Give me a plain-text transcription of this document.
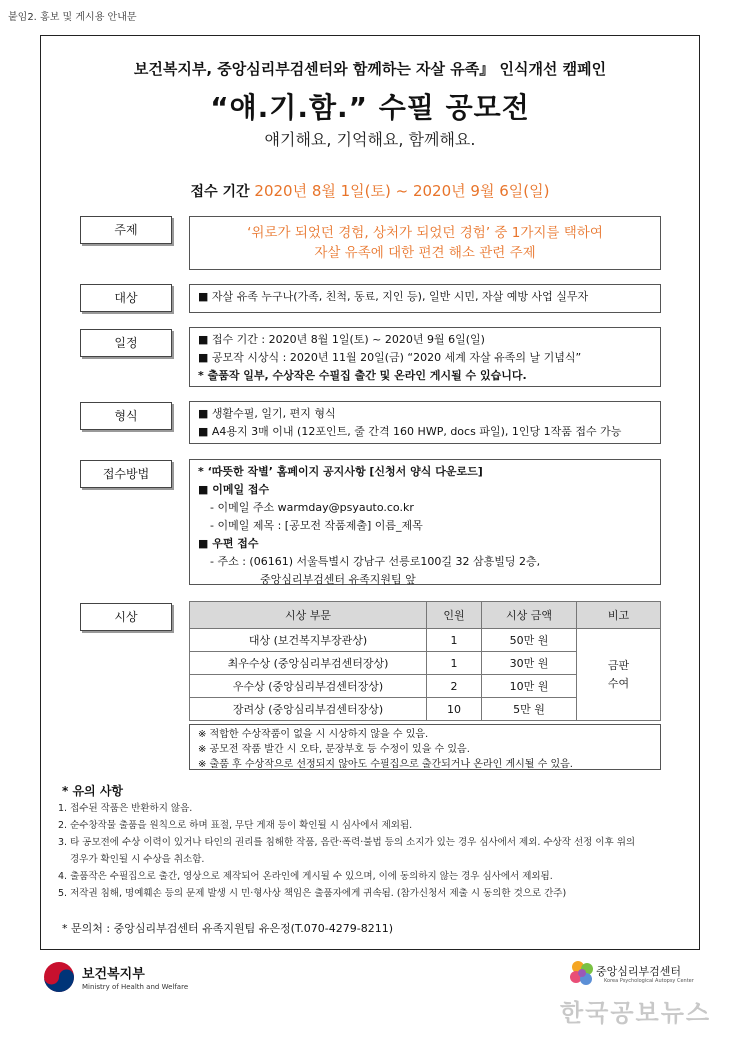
붙임2. 홍보 및 게시용 안내문
보건복지부, 중앙심리부검센터와 함께하는 자살 유족』 인식개선 캠페인
“얘.기.함.” 수필 공모전
얘기해요, 기억해요, 함께해요.
접수 기간 2020년 8월 1일(토) ~ 2020년 9월 6일(일)
주제	‘위로가 되었던 경험, 상처가 되었던 경험’ 중 1가지를 택하여
자살 유족에 대한 편견 해소 관련 주제
대상	■ 자살 유족 누구나(가족, 친척, 동료, 지인 등), 일반 시민, 자살 예방 사업 실무자
일정	■ 접수 기간 : 2020년 8월 1일(토) ~ 2020년 9월 6일(일)
■ 공모작 시상식 : 2020년 11월 20일(금) “2020 세계 자살 유족의 날 기념식”
* 출품작 일부, 수상작은 수필집 출간 및 온라인 게시될 수 있습니다.
형식	■ 생활수필, 일기, 편지 형식
■ A4용지 3매 이내 (12포인트, 줄 간격 160 HWP, docs 파일), 1인당 1작품 접수 가능
접수방법	* ‘따뜻한 작별’ 홈페이지 공지사항 [신청서 양식 다운로드]
■ 이메일 접수
- 이메일 주소 warmday@psyauto.co.kr
- 이메일 제목 : [공모전 작품제출] 이름_제목
■ 우편 접수
- 주소 : (06161) 서울특별시 강남구 선릉로100길 32 삼흥빌딩 2층,
중앙심리부검센터 유족지원팀 앞
시상	시상 부문	인원	시상 금액	비고
대상 (보건복지부장관상)	1	50만 원	금판
수여

최우수상 (중앙심리부검센터장상)	1	30만 원	
우수상 (중앙심리부검센터장상)	2	10만 원	
장려상 (중앙심리부검센터장상)	10	5만 원	
※ 적합한 수상작품이 없을 시 시상하지 않을 수 있음.
※ 공모전 작품 발간 시 오타, 문장부호 등 수정이 있을 수 있음.
※ 출품 후 수상작으로 선정되지 않아도 수필집으로 출간되거나 온라인 게시될 수 있음.
* 유의 사항
1. 접수된 작품은 반환하지 않음.
2. 순수창작물 출품을 원칙으로 하며 표절, 무단 게재 등이 확인될 시 심사에서 제외됨.
3. 타 공모전에 수상 이력이 있거나 타인의 권리를 침해한 작품, 음란·폭력·불법 등의 소지가 있는 경우 심사에서 제외. 수상작 선정 이후 위의
경우가 확인될 시 수상을 취소함.
4. 출품작은 수필집으로 출간, 영상으로 제작되어 온라인에 게시될 수 있으며, 이에 동의하지 않는 경우 심사에서 제외됨.
5. 저작권 침해, 명예훼손 등의 문제 발생 시 민·형사상 책임은 출품자에게 귀속됨. (참가신청서 제출 시 동의한 것으로 간주)
* 문의처 : 중앙심리부검센터 유족지원팀 유은정(T.070-4279-8211)
보건복지부
Ministry of Health and Welfare
중앙심리부검센터
Korea Psychological Autopsy Center
한국공보뉴스
